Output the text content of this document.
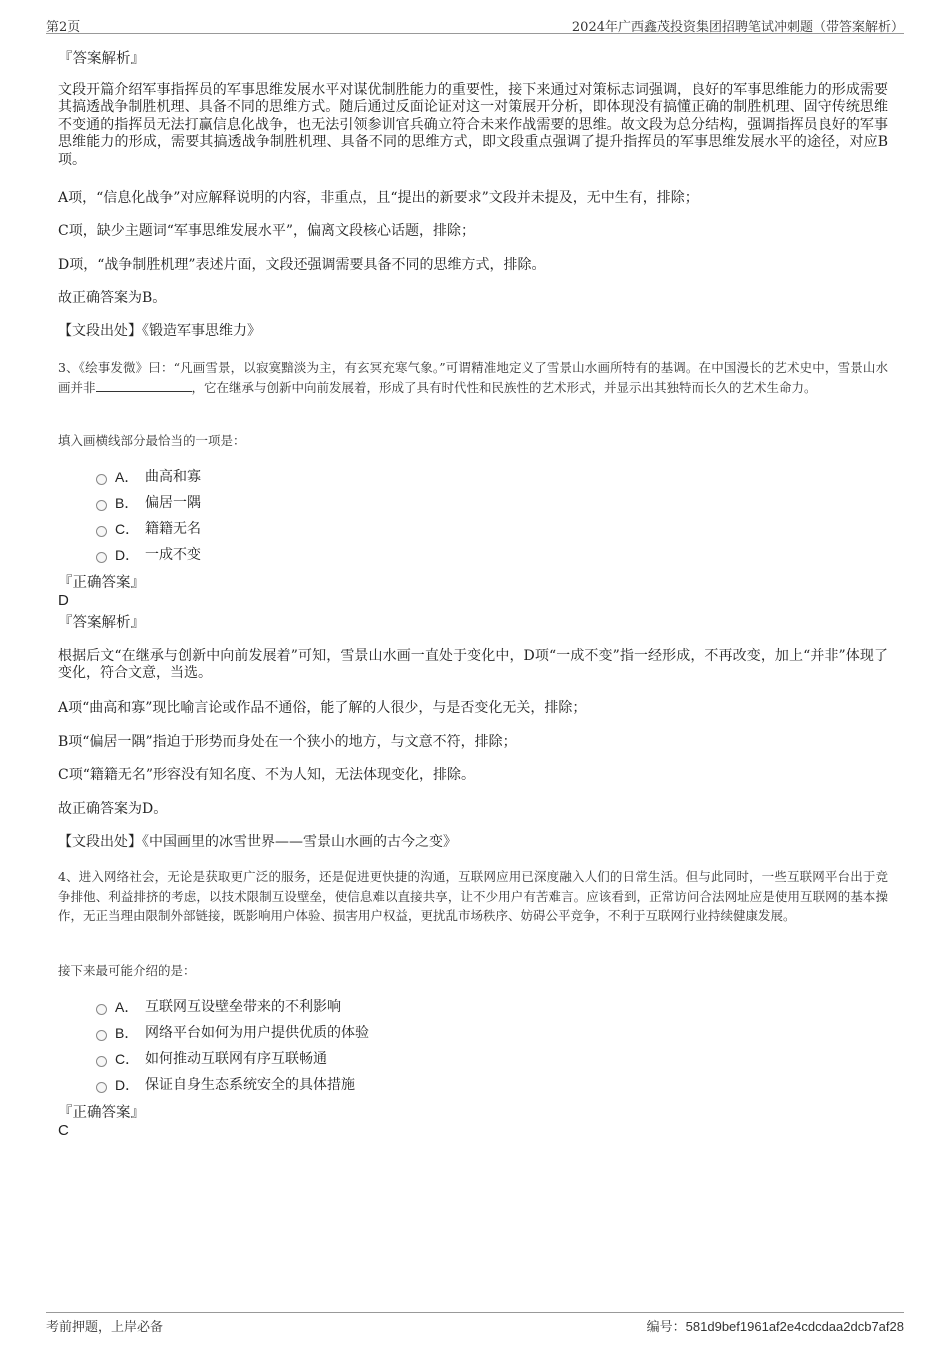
第2页	2024年广西鑫茂投资集团招聘笔试冲刺题（带答案解析）
『答案解析』
文段开篇介绍军事指挥员的军事思维发展水平对谋优制胜能力的重要性，接下来通过对策标志词强调，良好的军事思维能力的形成需要其搞透战争制胜机理、具备不同的思维方式。随后通过反面论证对这一对策展开分析，即体现没有搞懂正确的制胜机理、固守传统思维不变通的指挥员无法打赢信息化战争，也无法引领参训官兵确立符合未来作战需要的思维。故文段为总分结构，强调指挥员良好的军事思维能力的形成，需要其搞透战争制胜机理、具备不同的思维方式，即文段重点强调了提升指挥员的军事思维发展水平的途径，对应B项。
A项，“信息化战争”对应解释说明的内容，非重点，且“提出的新要求”文段并未提及，无中生有，排除；
C项，缺少主题词“军事思维发展水平”，偏离文段核心话题，排除；
D项，“战争制胜机理”表述片面，文段还强调需要具备不同的思维方式，排除。
故正确答案为B。
【文段出处】《锻造军事思维力》
3、《绘事发微》曰：“凡画雪景，以寂寞黯淡为主，有玄冥充寒气象。”可谓精准地定义了雪景山水画所特有的基调。在中国漫长的艺术史中，雪景山水画并非	，它在继承与创新中向前发展着，形成了具有时代性和民族性的艺术形式，并显示出其独特而长久的艺术生命力。
填入画横线部分最恰当的一项是：
A． 曲高和寡
B． 偏居一隅
C． 籍籍无名
D． 一成不变
『正确答案』
D
『答案解析』
根据后文“在继承与创新中向前发展着”可知，雪景山水画一直处于变化中，D项“一成不变”指一经形成，不再改变，加上“并非”体现了变化，符合文意，当选。
A项“曲高和寡”现比喻言论或作品不通俗，能了解的人很少，与是否变化无关，排除；
B项“偏居一隅”指迫于形势而身处在一个狭小的地方，与文意不符，排除；
C项“籍籍无名”形容没有知名度、不为人知，无法体现变化，排除。
故正确答案为D。
【文段出处】《中国画里的冰雪世界——雪景山水画的古今之变》
4、进入网络社会，无论是获取更广泛的服务，还是促进更快捷的沟通，互联网应用已深度融入人们的日常生活。但与此同时，一些互联网平台出于竞争排他、利益排挤的考虑，以技术限制互设壁垒，使信息难以直接共享，让不少用户有苦难言。应该看到，正常访问合法网址应是使用互联网的基本操作，无正当理由限制外部链接，既影响用户体验、损害用户权益，更扰乱市场秩序、妨碍公平竞争，不利于互联网行业持续健康发展。
接下来最可能介绍的是：
A． 互联网互设壁垒带来的不利影响
B． 网络平台如何为用户提供优质的体验
C． 如何推动互联网有序互联畅通
D． 保证自身生态系统安全的具体措施
『正确答案』
C
考前押题，上岸必备	编号：581d9bef1961af2e4cdcdaa2dcb7af28
